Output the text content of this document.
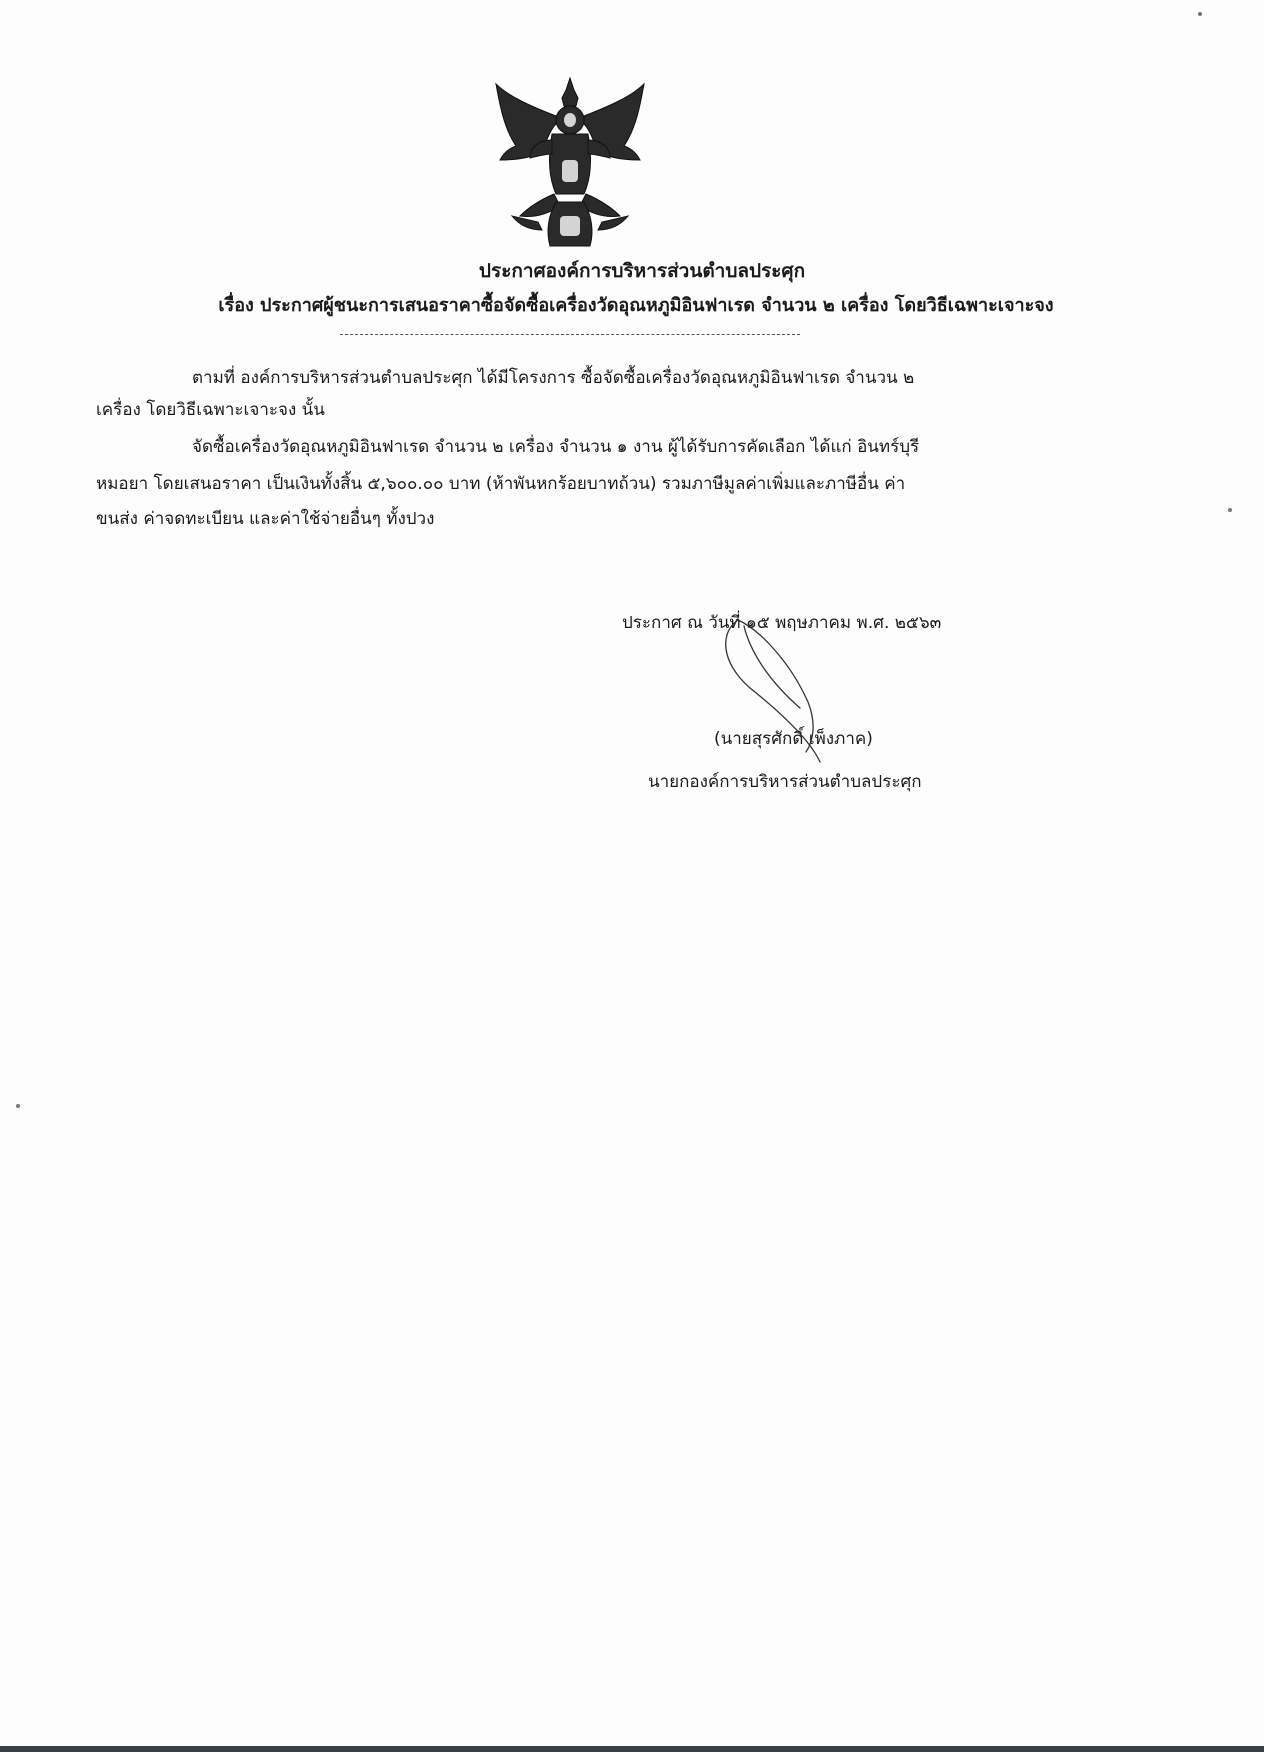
ประกาศองค์การบริหารส่วนตำบลประศุก
เรื่อง ประกาศผู้ชนะการเสนอราคาซื้อจัดซื้อเครื่องวัดอุณหภูมิอินฟาเรด จำนวน ๒ เครื่อง โดยวิธีเฉพาะเจาะจง
ตามที่ องค์การบริหารส่วนตำบลประศุก ได้มีโครงการ ซื้อจัดซื้อเครื่องวัดอุณหภูมิอินฟาเรด จำนวน ๒
เครื่อง โดยวิธีเฉพาะเจาะจง นั้น
จัดซื้อเครื่องวัดอุณหภูมิอินฟาเรด จำนวน ๒ เครื่อง จำนวน ๑ งาน ผู้ได้รับการคัดเลือก ได้แก่ อินทร์บุรี
หมอยา โดยเสนอราคา เป็นเงินทั้งสิ้น ๕,๖๐๐.๐๐ บาท (ห้าพันหกร้อยบาทถ้วน) รวมภาษีมูลค่าเพิ่มและภาษีอื่น ค่า
ขนส่ง ค่าจดทะเบียน และค่าใช้จ่ายอื่นๆ ทั้งปวง
ประกาศ ณ วันที่ ๑๕ พฤษภาคม พ.ศ. ๒๕๖๓
(นายสุรศักดิ์ เพ็งภาค)
นายกองค์การบริหารส่วนตำบลประศุก
